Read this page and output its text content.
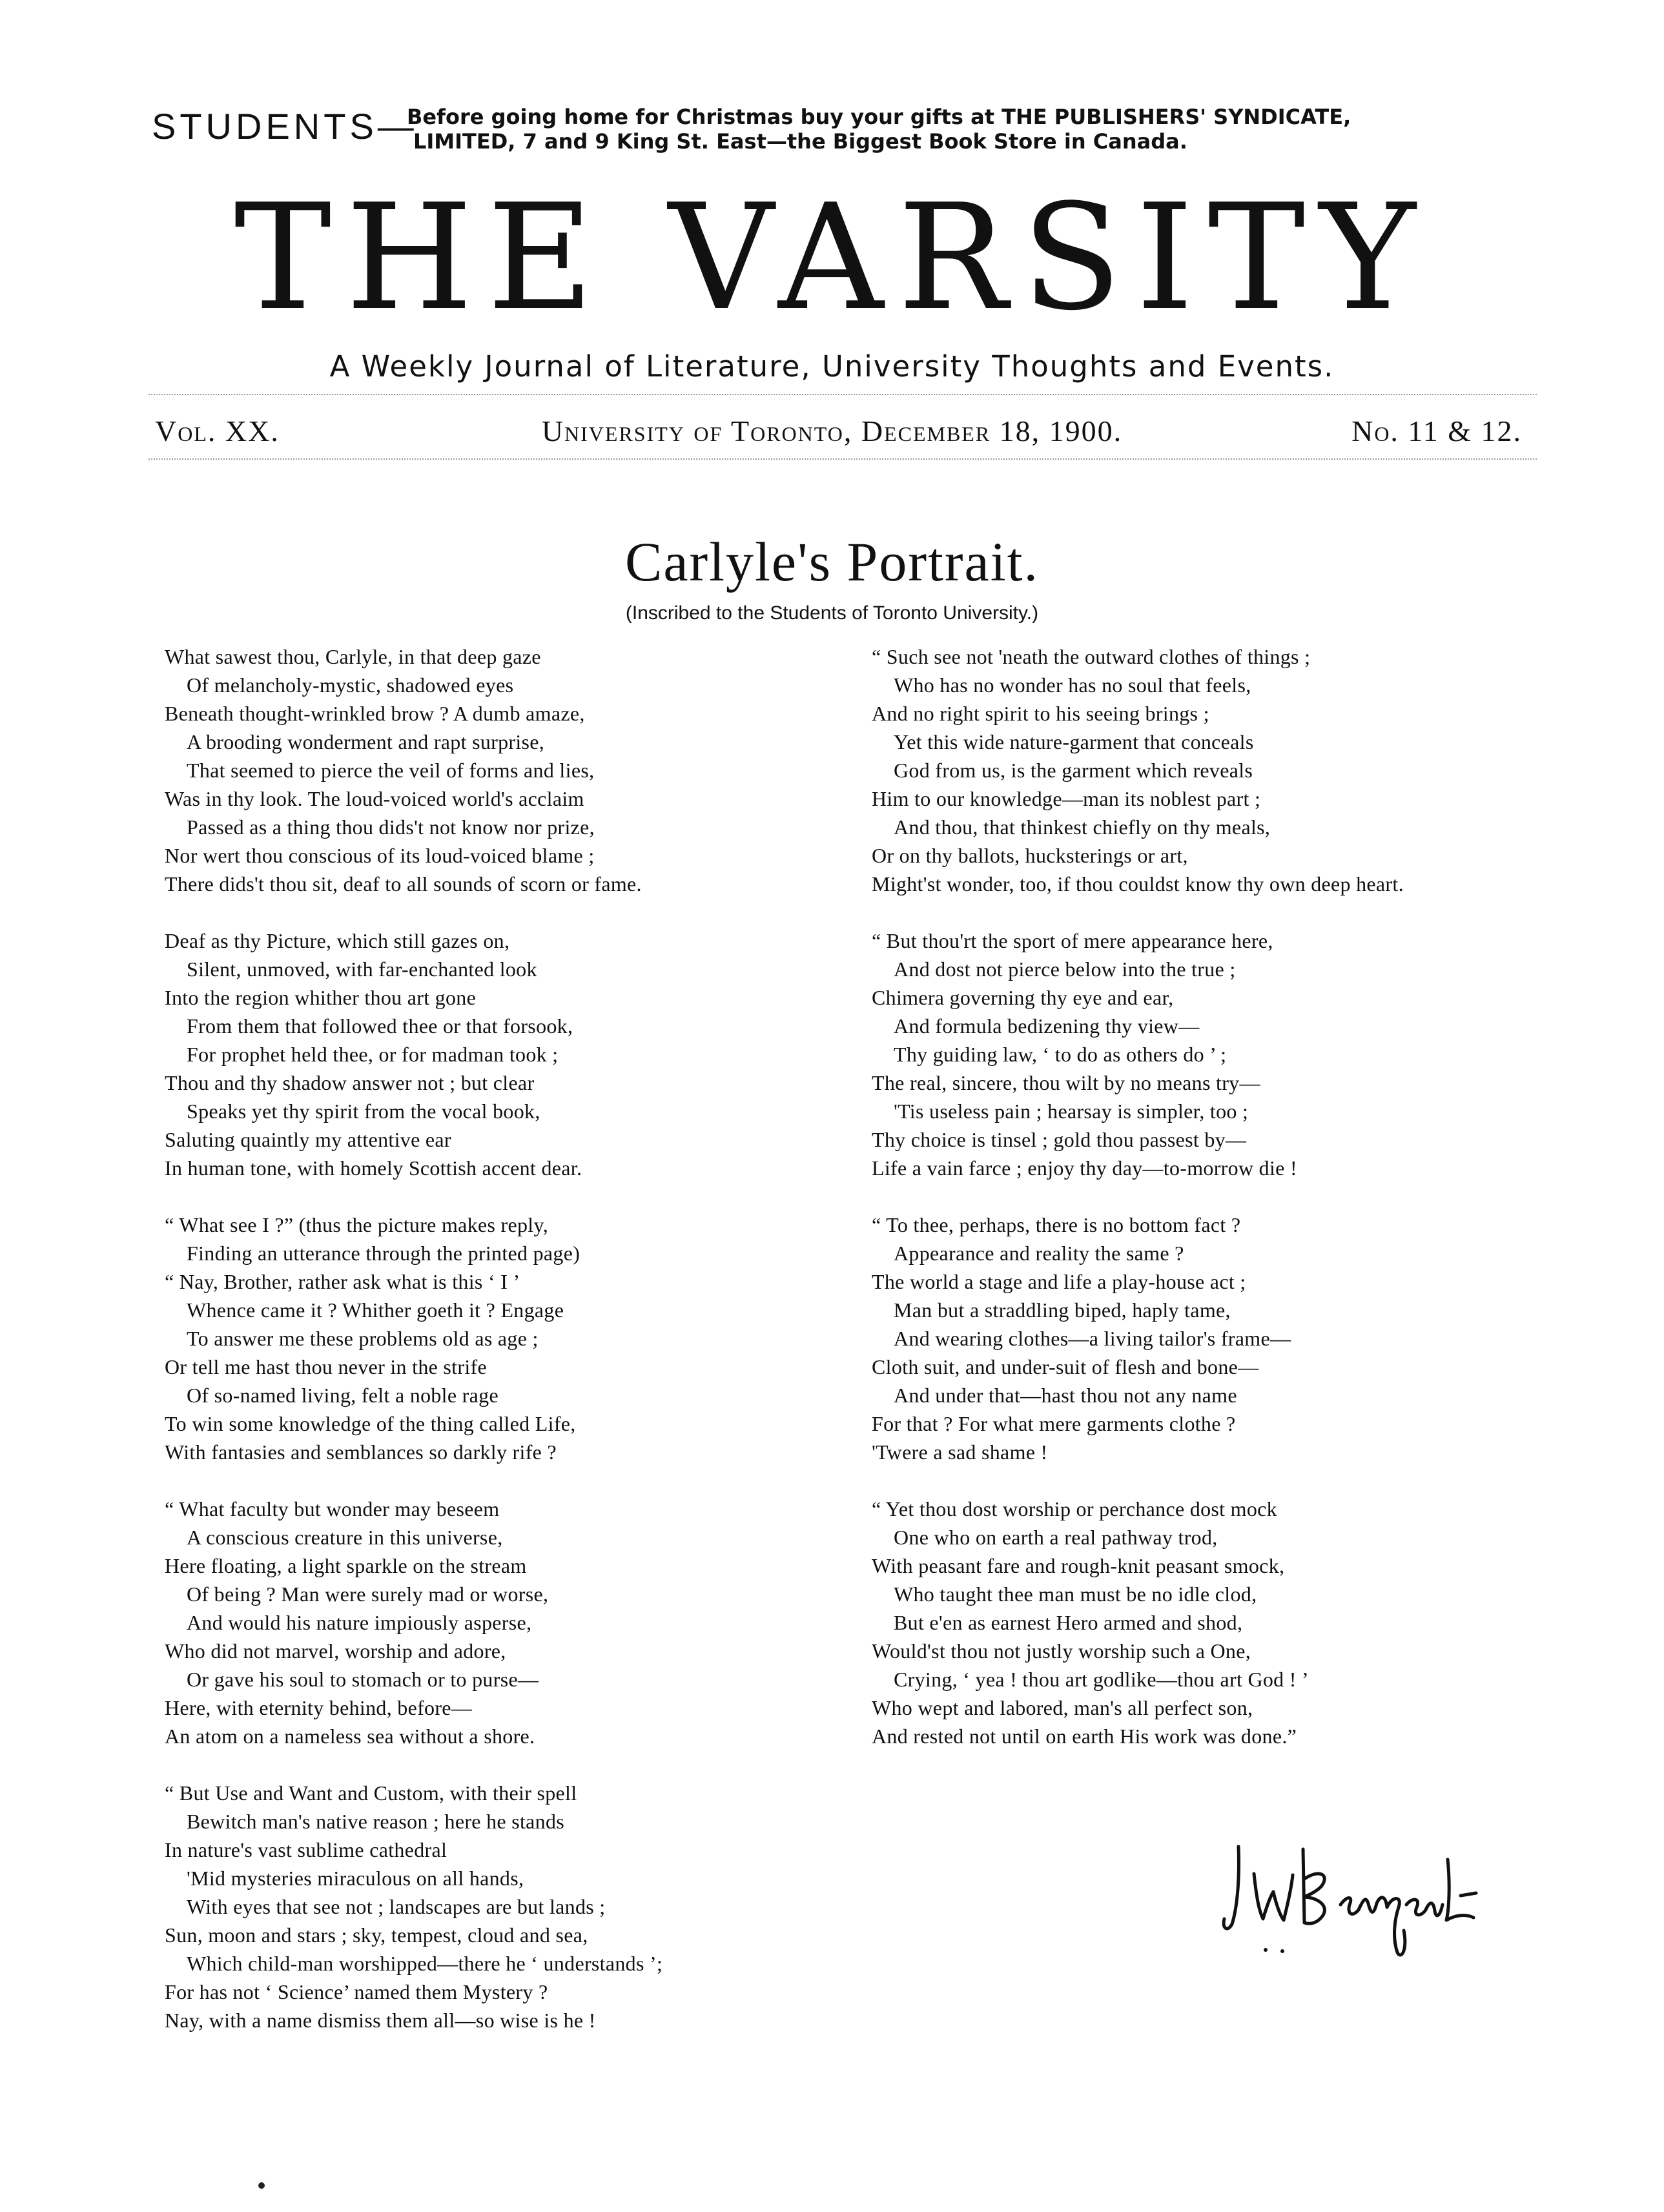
STUDENTS—
Before going home for Christmas buy your gifts at THE PUBLISHERS' SYNDICATE,
LIMITED, 7 and 9 King St. East—the Biggest Book Store in Canada.
THE VARSITY
A Weekly Journal of Literature, University Thoughts and Events.
Vol. XX.	University of Toronto, December 18, 1900.	No. 11 & 12.
Carlyle's Portrait.
(Inscribed to the Students of Toronto University.)
What sawest thou, Carlyle, in that deep gaze
Of melancholy-mystic, shadowed eyes
Beneath thought-wrinkled brow ? A dumb amaze,
A brooding wonderment and rapt surprise,
That seemed to pierce the veil of forms and lies,
Was in thy look. The loud-voiced world's acclaim
Passed as a thing thou dids't not know nor prize,
Nor wert thou conscious of its loud-voiced blame ;
There dids't thou sit, deaf to all sounds of scorn or fame.
Deaf as thy Picture, which still gazes on,
Silent, unmoved, with far-enchanted look
Into the region whither thou art gone
From them that followed thee or that forsook,
For prophet held thee, or for madman took ;
Thou and thy shadow answer not ; but clear
Speaks yet thy spirit from the vocal book,
Saluting quaintly my attentive ear
In human tone, with homely Scottish accent dear.
“ What see I ?” (thus the picture makes reply,
Finding an utterance through the printed page)
“ Nay, Brother, rather ask what is this ‘ I ’
Whence came it ? Whither goeth it ? Engage
To answer me these problems old as age ;
Or tell me hast thou never in the strife
Of so-named living, felt a noble rage
To win some knowledge of the thing called Life,
With fantasies and semblances so darkly rife ?
“ What faculty but wonder may beseem
A conscious creature in this universe,
Here floating, a light sparkle on the stream
Of being ? Man were surely mad or worse,
And would his nature impiously asperse,
Who did not marvel, worship and adore,
Or gave his soul to stomach or to purse—
Here, with eternity behind, before—
An atom on a nameless sea without a shore.
“ But Use and Want and Custom, with their spell
Bewitch man's native reason ; here he stands
In nature's vast sublime cathedral
'Mid mysteries miraculous on all hands,
With eyes that see not ; landscapes are but lands ;
Sun, moon and stars ; sky, tempest, cloud and sea,
Which child-man worshipped—there he ‘ understands ’;
For has not ‘ Science’ named them Mystery ?
Nay, with a name dismiss them all—so wise is he !
“ Such see not 'neath the outward clothes of things ;
Who has no wonder has no soul that feels,
And no right spirit to his seeing brings ;
Yet this wide nature-garment that conceals
God from us, is the garment which reveals
Him to our knowledge—man its noblest part ;
And thou, that thinkest chiefly on thy meals,
Or on thy ballots, hucksterings or art,
Might'st wonder, too, if thou couldst know thy own deep heart.
“ But thou'rt the sport of mere appearance here,
And dost not pierce below into the true ;
Chimera governing thy eye and ear,
And formula bedizening thy view—
Thy guiding law, ‘ to do as others do ’ ;
The real, sincere, thou wilt by no means try—
'Tis useless pain ; hearsay is simpler, too ;
Thy choice is tinsel ; gold thou passest by—
Life a vain farce ; enjoy thy day—to-morrow die !
“ To thee, perhaps, there is no bottom fact ?
Appearance and reality the same ?
The world a stage and life a play-house act ;
Man but a straddling biped, haply tame,
And wearing clothes—a living tailor's frame—
Cloth suit, and under-suit of flesh and bone—
And under that—hast thou not any name
For that ? For what mere garments clothe ?
'Twere a sad shame !
“ Yet thou dost worship or perchance dost mock
One who on earth a real pathway trod,
With peasant fare and rough-knit peasant smock,
Who taught thee man must be no idle clod,
But e'en as earnest Hero armed and shod,
Would'st thou not justly worship such a One,
Crying, ‘ yea ! thou art godlike—thou art God ! ’
Who wept and labored, man's all perfect son,
And rested not until on earth His work was done.”
